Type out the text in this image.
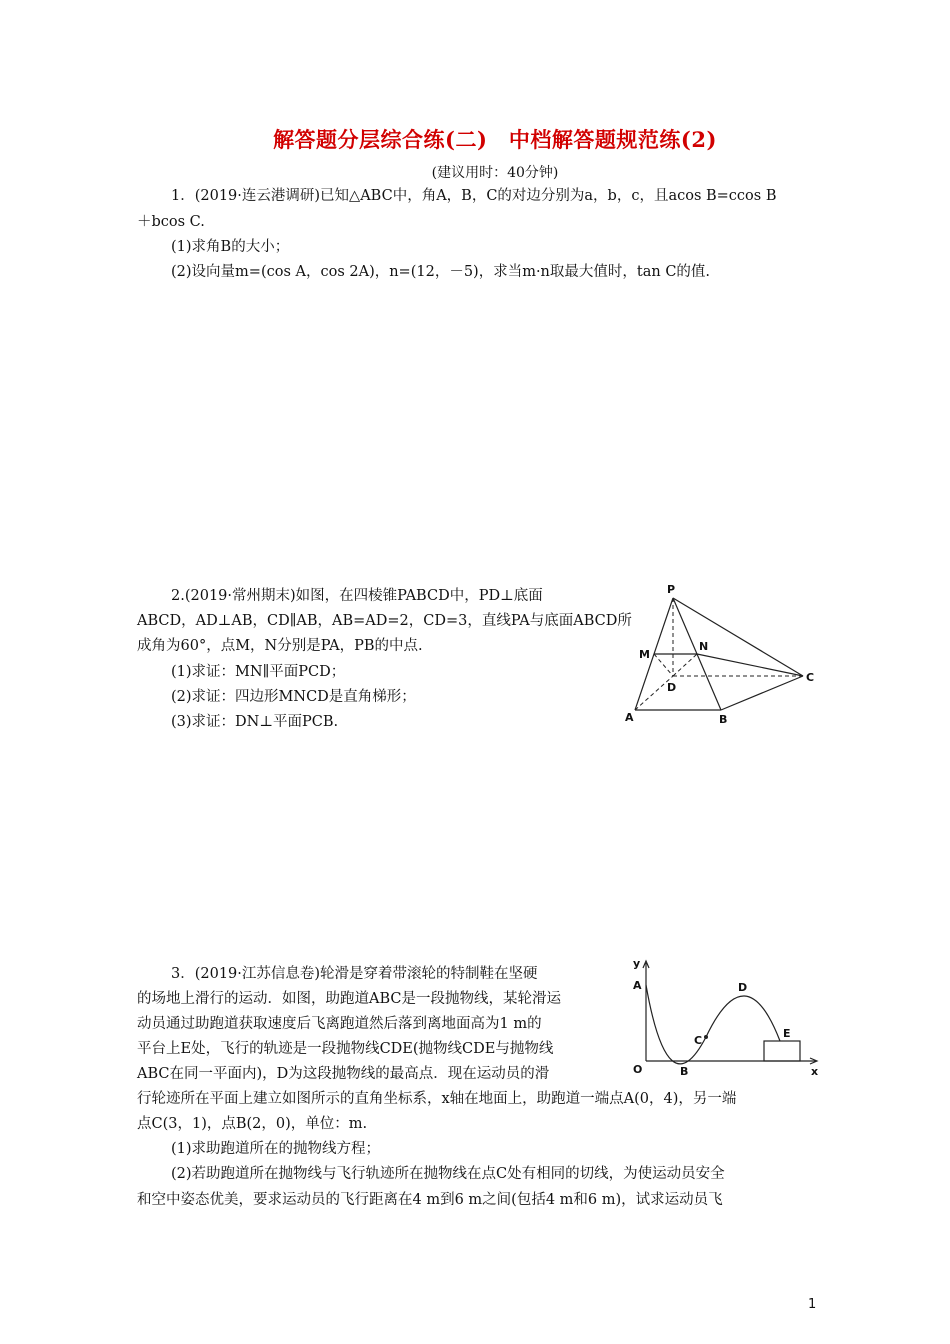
解答题分层综合练(二)　中档解答题规范练(2)
(建议用时：40分钟)
1．(2019·连云港调研)已知△ABC中，角A，B，C的对边分别为a，b，c，且acos B=ccos B
＋bcos C.
(1)求角B的大小；
(2)设向量m=(cos A，cos 2A)，n=(12，－5)，求当m·n取最大值时，tan C的值.
2.(2019·常州期末)如图，在四棱锥PABCD中，PD⊥底面
ABCD，AD⊥AB，CD∥AB，AB=AD=2，CD=3，直线PA与底面ABCD所
成角为60°，点M，N分别是PA，PB的中点.
(1)求证：MN∥平面PCD；
(2)求证：四边形MNCD是直角梯形；
(3)求证：DN⊥平面PCB.
P
M
N
D
C
A	B
3．(2019·江苏信息卷)轮滑是穿着带滚轮的特制鞋在坚硬
的场地上滑行的运动．如图，助跑道ABC是一段抛物线，某轮滑运
动员通过助跑道获取速度后飞离跑道然后落到离地面高为1 m的
平台上E处，飞行的轨迹是一段抛物线CDE(抛物线CDE与抛物线
ABC在同一平面内)，D为这段抛物线的最高点．现在运动员的滑
行轮迹所在平面上建立如图所示的直角坐标系，x轴在地面上，助跑道一端点A(0，4)，另一端
点C(3，1)，点B(2，0)，单位：m.
(1)求助跑道所在的抛物线方程；
(2)若助跑道所在抛物线与飞行轨迹所在抛物线在点C处有相同的切线，为使运动员安全
和空中姿态优美，要求运动员的飞行距离在4 m到6 m之间(包括4 m和6 m)，试求运动员飞
y
A	D
C
E
O	B	x
1
